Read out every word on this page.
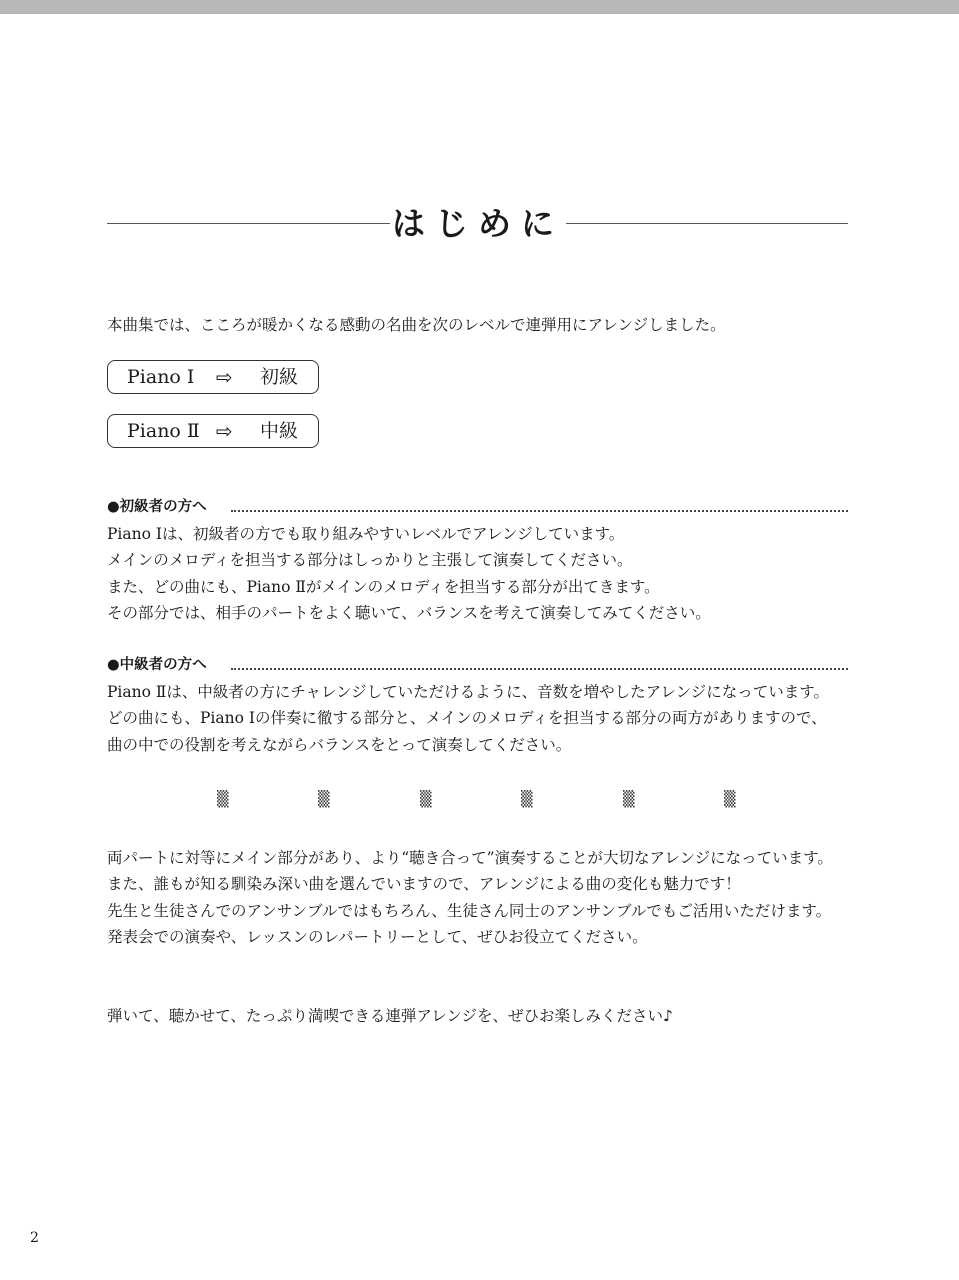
はじめに
本曲集では、こころが暖かくなる感動の名曲を次のレベルで連弾用にアレンジしました。
Piano Ⅰ ⇨ 初級
Piano Ⅱ ⇨ 中級
●初級者の方へ
Piano Ⅰは、初級者の方でも取り組みやすいレベルでアレンジしています。
メインのメロディを担当する部分はしっかりと主張して演奏してください。
また、どの曲にも、Piano Ⅱがメインのメロディを担当する部分が出てきます。
その部分では、相手のパートをよく聴いて、バランスを考えて演奏してみてください。
●中級者の方へ
Piano Ⅱは、中級者の方にチャレンジしていただけるように、音数を増やしたアレンジになっています。
どの曲にも、Piano Ⅰの伴奏に徹する部分と、メインのメロディを担当する部分の両方がありますので、
曲の中での役割を考えながらバランスをとって演奏してください。
▒	▒	▒	▒	▒	▒
両パートに対等にメイン部分があり、より“聴き合って”演奏することが大切なアレンジになっています。
また、誰もが知る馴染み深い曲を選んでいますので、アレンジによる曲の変化も魅力です！
先生と生徒さんでのアンサンブルではもちろん、生徒さん同士のアンサンブルでもご活用いただけます。
発表会での演奏や、レッスンのレパートリーとして、ぜひお役立てください。
弾いて、聴かせて、たっぷり満喫できる連弾アレンジを、ぜひお楽しみください♪
2
